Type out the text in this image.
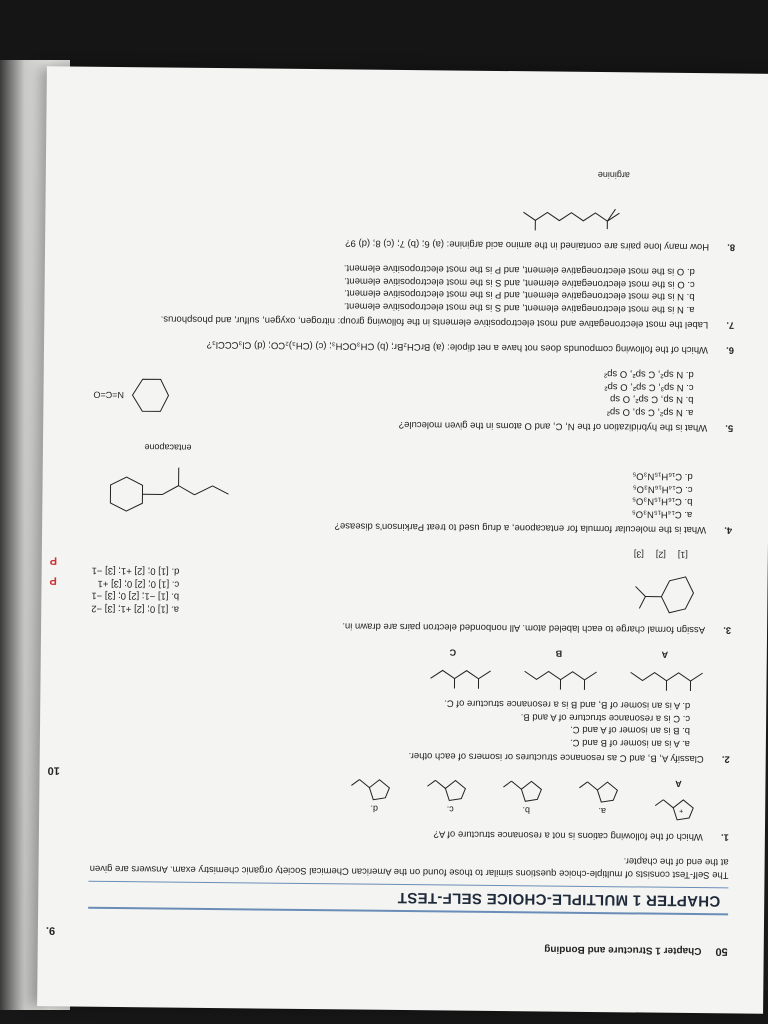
9.
10
P
P
50
Chapter 1 Structure and Bonding
CHAPTER 1 MULTIPLE-CHOICE SELF-TEST
The Self-Test consists of multiple-choice questions similar to those found on the American Chemical Society organic chemistry exam. Answers are given at the end of the chapter.
1.
Which of the following cations is not a resonance structure of A?
+
A
a.
b.
c.
d.
2.
Classify A, B, and C as resonance structures or isomers of each other.
a. A is an isomer of B and C.
b. B is an isomer of A and C.
c. C is a resonance structure of A and B.
d. A is an isomer of B, and B is a resonance structure of C.
A
B
C
3.
Assign formal charge to each labeled atom. All nonbonded electron pairs are drawn in.
[1]
[2]
[3]
a. [1] 0; [2] +1; [3] −2
b. [1] −1; [2] 0; [3] −1
c. [1] 0; [2] 0; [3] +1
d. [1] 0; [2] +1; [3] −1
4.
What is the molecular formula for entacapone, a drug used to treat Parkinson's disease?
a. C₁₄H₁₅N₃O₅
b. C₁₆H₁₅N₃O₅
c. C₁₄H₁₆N₃O₅
d. C₁₆H₁₅N₃O₅
entacapone
5.
What is the hybridization of the N, C, and O atoms in the given molecule?
a. N sp², C sp, O sp²
b. N sp, C sp², O sp
c. N sp³, C sp², O sp²
d. N sp², C sp², O sp²
N=C=O
6.
Which of the following compounds does not have a net dipole: (a) BrCH₂Br; (b) CH₃OCH₃; (c) (CH₃)₂CO; (d) Cl₃CCCl₃?
7.
Label the most electronegative and most electropositive elements in the following group: nitrogen, oxygen, sulfur, and phosphorus.
a. N is the most electronegative element, and S is the most electropositive element.
b. N is the most electronegative element, and P is the most electropositive element.
c. O is the most electronegative element, and S is the most electropositive element.
d. O is the most electronegative element, and P is the most electropositive element.
8.
How many lone pairs are contained in the amino acid arginine: (a) 6; (b) 7; (c) 8; (d) 9?
arginine
